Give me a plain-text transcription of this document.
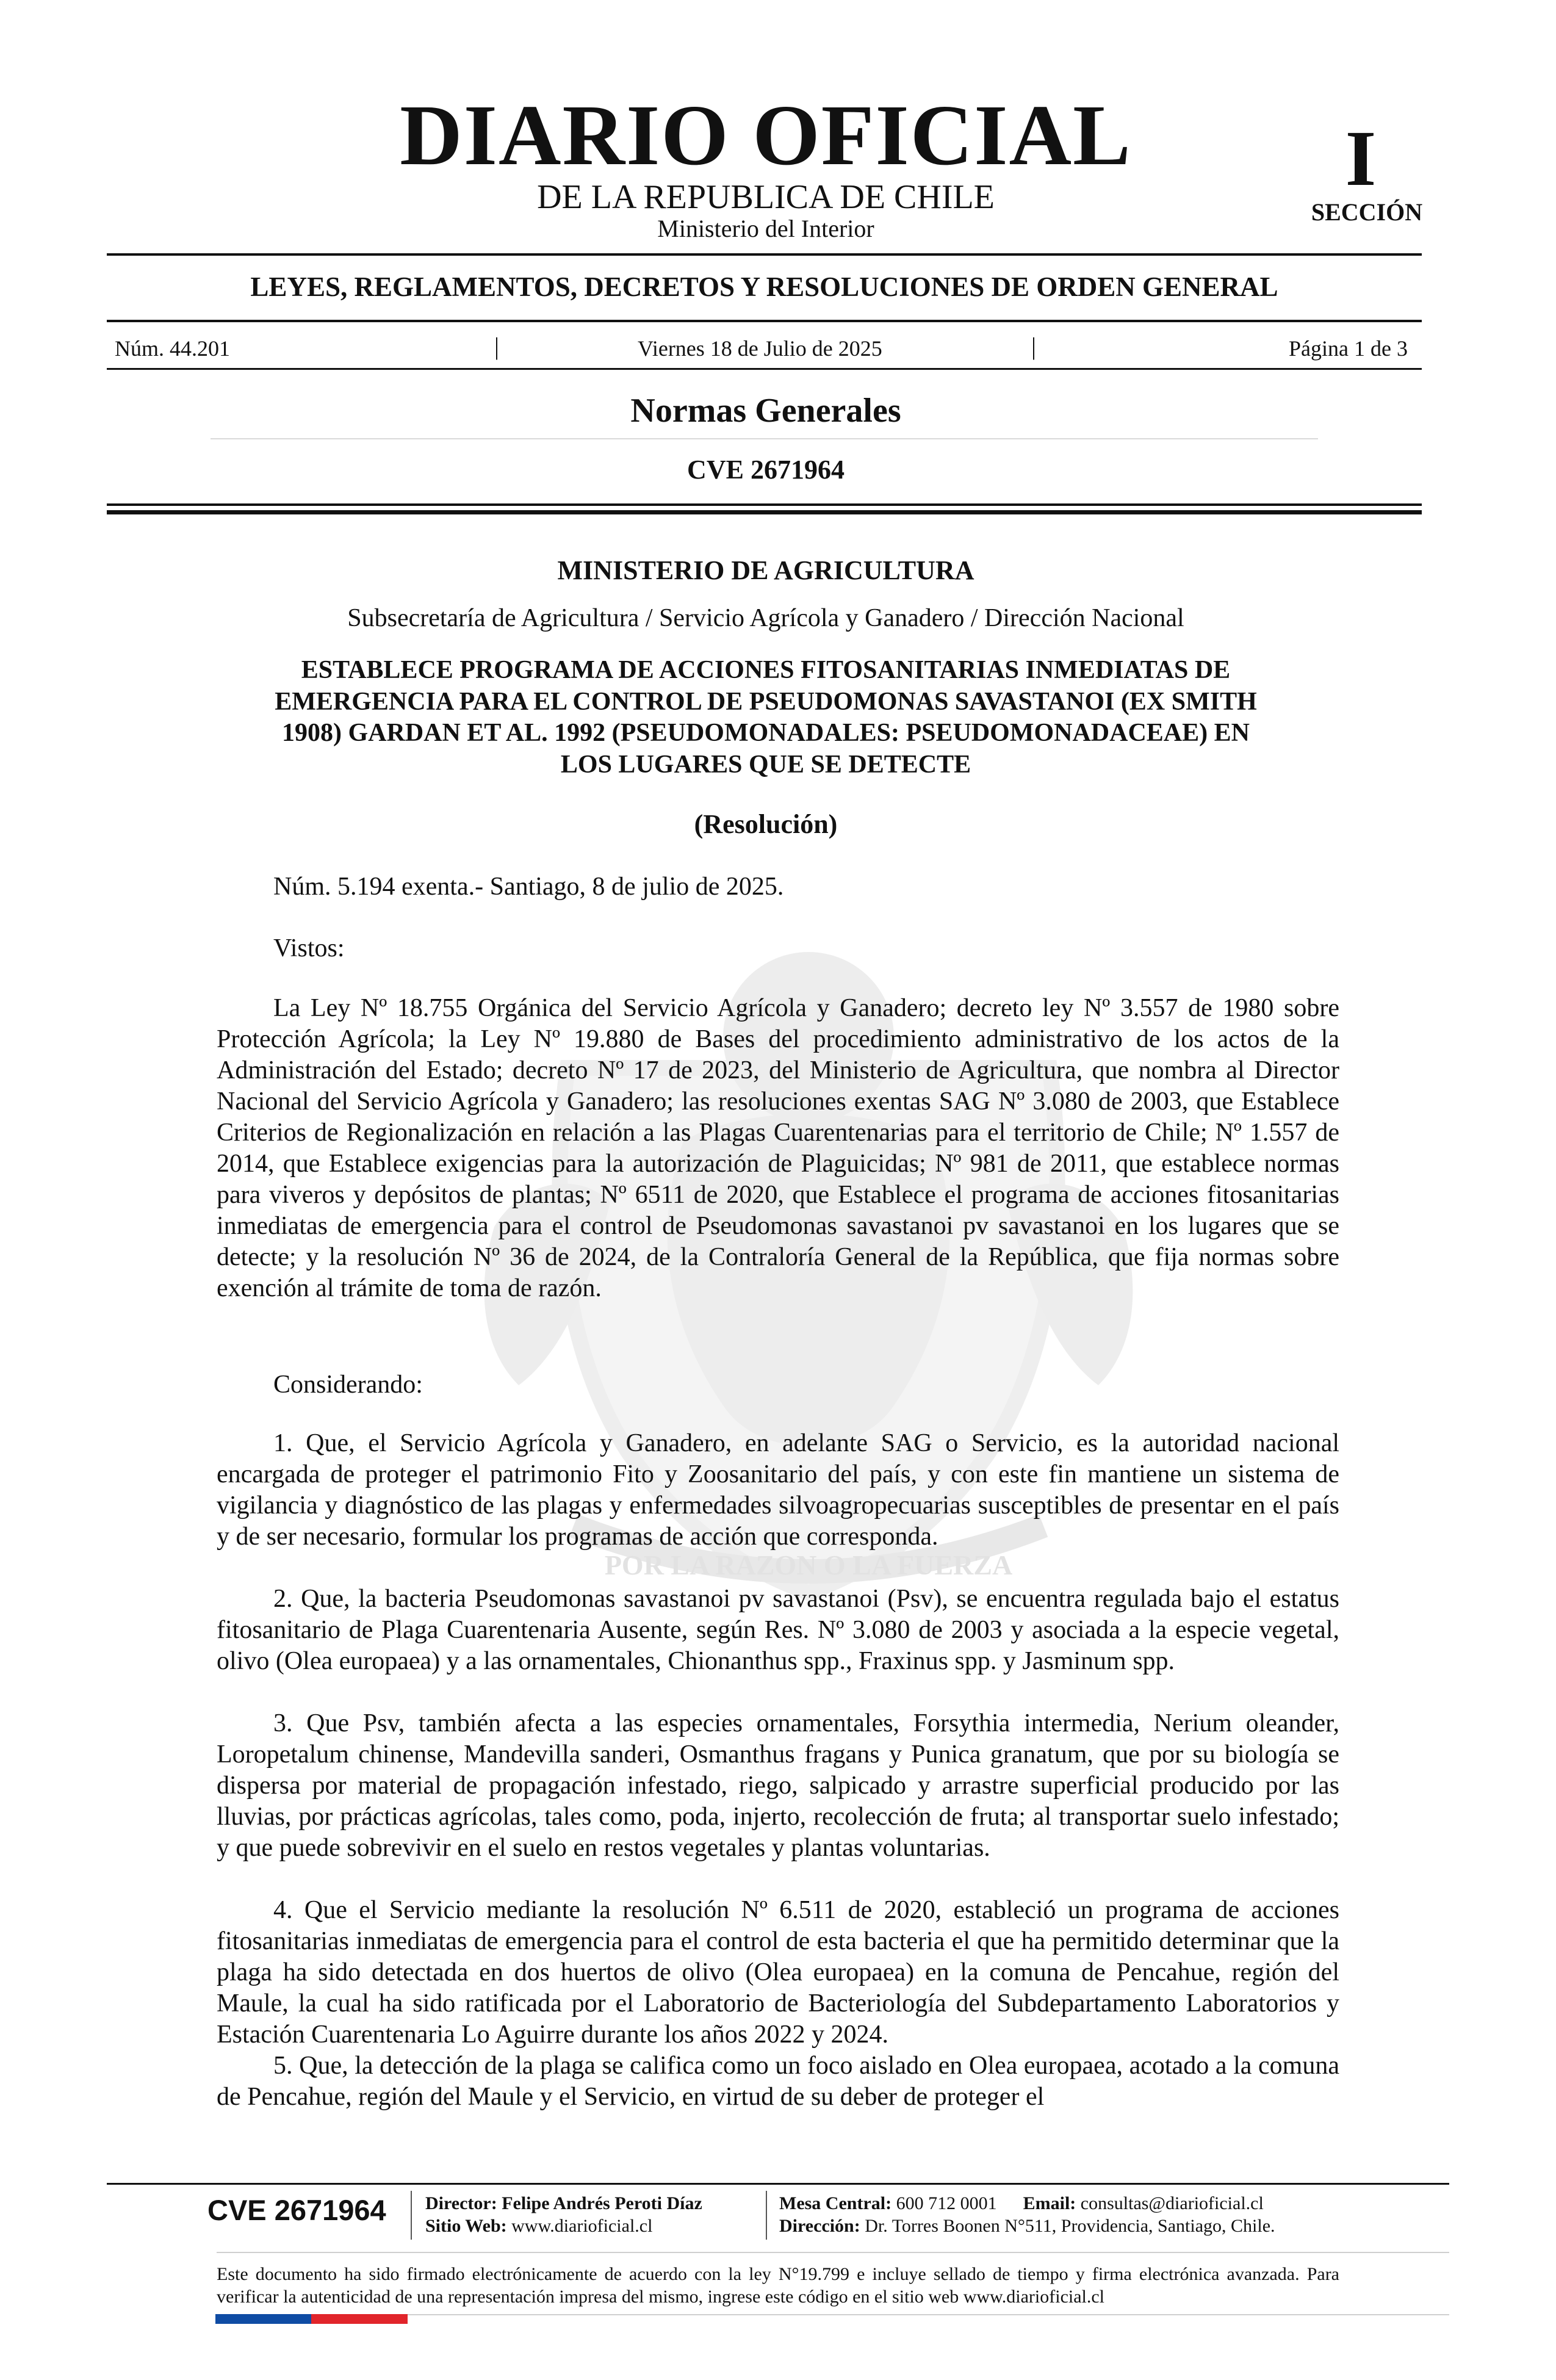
POR LA RAZON O LA FUERZA
DIARIO OFICIAL
DE LA REPUBLICA DE CHILE
Ministerio del Interior
I
SECCIÓN
LEYES, REGLAMENTOS, DECRETOS Y RESOLUCIONES DE ORDEN GENERAL
Núm. 44.201	|	Viernes 18 de Julio de 2025	|	Página 1 de 3
Normas Generales
CVE 2671964
MINISTERIO DE AGRICULTURA
Subsecretaría de Agricultura / Servicio Agrícola y Ganadero / Dirección Nacional
ESTABLECE PROGRAMA DE ACCIONES FITOSANITARIAS INMEDIATAS DE
EMERGENCIA PARA EL CONTROL DE PSEUDOMONAS SAVASTANOI (EX SMITH
1908) GARDAN ET AL. 1992 (PSEUDOMONADALES: PSEUDOMONADACEAE) EN
LOS LUGARES QUE SE DETECTE
(Resolución)

Núm. 5.194 exenta.- Santiago, 8 de julio de 2025.

Vistos:

La Ley Nº 18.755 Orgánica del Servicio Agrícola y Ganadero; decreto ley Nº 3.557 de 1980 sobre Protección Agrícola; la Ley Nº 19.880 de Bases del procedimiento administrativo de los actos de la Administración del Estado; decreto Nº 17 de 2023, del Ministerio de Agricultura, que nombra al Director Nacional del Servicio Agrícola y Ganadero; las resoluciones exentas SAG Nº 3.080 de 2003, que Establece Criterios de Regionalización en relación a las Plagas Cuarentenarias para el territorio de Chile; Nº 1.557 de 2014, que Establece exigencias para la autorización de Plaguicidas; Nº 981 de 2011, que establece normas para viveros y depósitos de plantas; Nº 6511 de 2020, que Establece el programa de acciones fitosanitarias inmediatas de emergencia para el control de Pseudomonas savastanoi pv savastanoi en los lugares que se detecte; y la resolución Nº 36 de 2024, de la Contraloría General de la República, que fija normas sobre exención al trámite de toma de razón.

Considerando:

1. Que, el Servicio Agrícola y Ganadero, en adelante SAG o Servicio, es la autoridad nacional encargada de proteger el patrimonio Fito y Zoosanitario del país, y con este fin mantiene un sistema de vigilancia y diagnóstico de las plagas y enfermedades silvoagropecuarias susceptibles de presentar en el país y de ser necesario, formular los programas de acción que corresponda.

2. Que, la bacteria Pseudomonas savastanoi pv savastanoi (Psv), se encuentra regulada bajo el estatus fitosanitario de Plaga Cuarentenaria Ausente, según Res. Nº 3.080 de 2003 y asociada a la especie vegetal, olivo (Olea europaea) y a las ornamentales, Chionanthus spp., Fraxinus spp. y Jasminum spp.

3. Que Psv, también afecta a las especies ornamentales, Forsythia intermedia, Nerium oleander, Loropetalum chinense, Mandevilla sanderi, Osmanthus fragans y Punica granatum, que por su biología se dispersa por material de propagación infestado, riego, salpicado y arrastre superficial producido por las lluvias, por prácticas agrícolas, tales como, poda, injerto, recolección de fruta; al transportar suelo infestado; y que puede sobrevivir en el suelo en restos vegetales y plantas voluntarias.

4. Que el Servicio mediante la resolución Nº 6.511 de 2020, estableció un programa de acciones fitosanitarias inmediatas de emergencia para el control de esta bacteria el que ha permitido determinar que la plaga ha sido detectada en dos huertos de olivo (Olea europaea) en la comuna de Pencahue, región del Maule, la cual ha sido ratificada por el Laboratorio de Bacteriología del Subdepartamento Laboratorios y Estación Cuarentenaria Lo Aguirre durante los años 2022 y 2024.

5. Que, la detección de la plaga se califica como un foco aislado en Olea europaea, acotado a la comuna de Pencahue, región del Maule y el Servicio, en virtud de su deber de proteger el

CVE 2671964 Director: Felipe Andrés Peroti Díaz
Sitio Web: www.diarioficial.cl
Mesa Central: 600 712 0001 Email: consultas@diarioficial.cl
Dirección: Dr. Torres Boonen N°511, Providencia, Santiago, Chile.

Este documento ha sido firmado electrónicamente de acuerdo con la ley N°19.799 e incluye sellado de tiempo y firma electrónica avanzada. Para verificar la autenticidad de una representación impresa del mismo, ingrese este código en el sitio web www.diarioficial.cl
